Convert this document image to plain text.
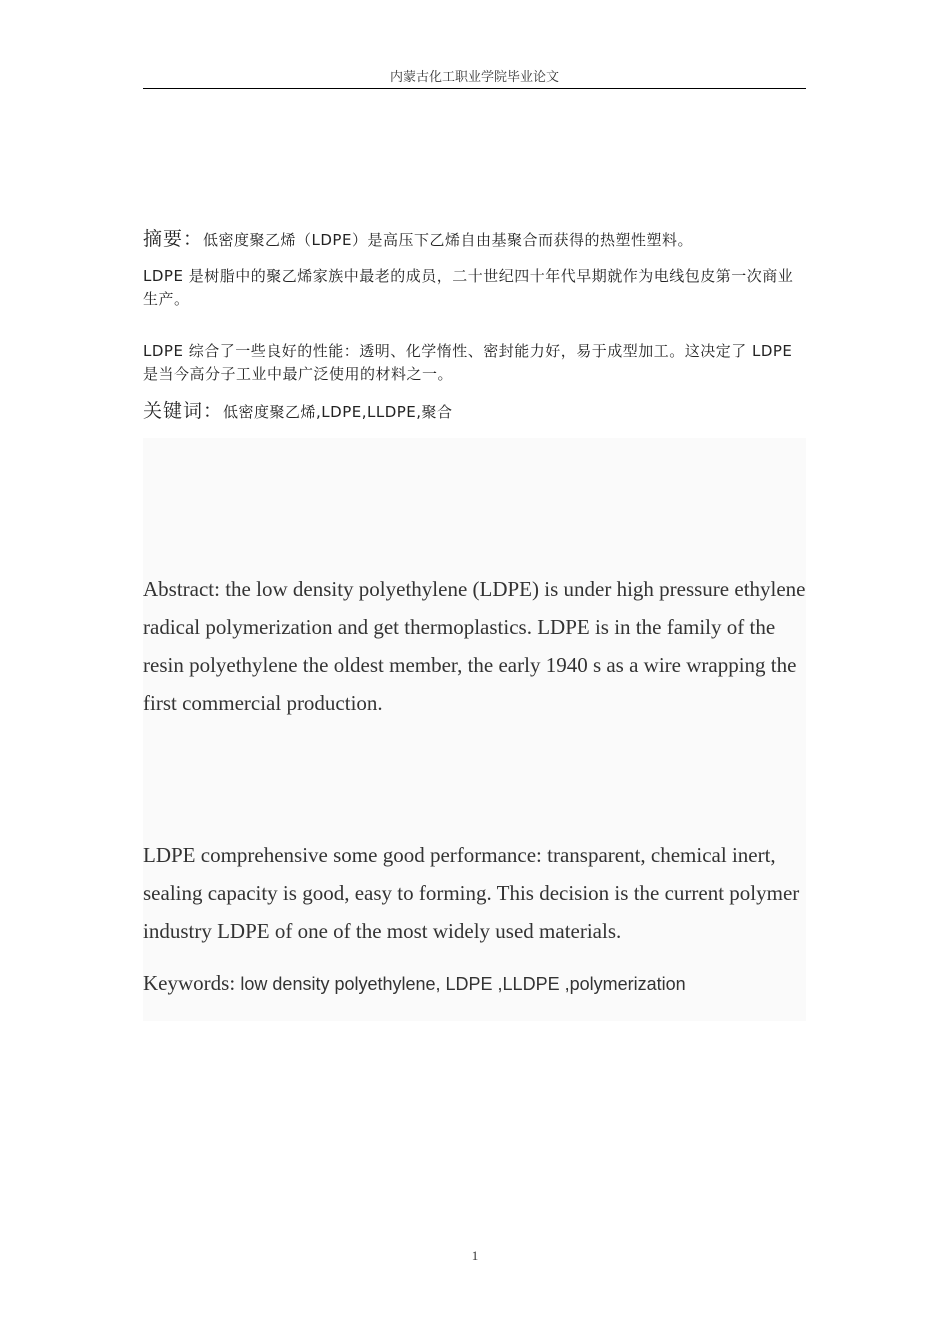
内蒙古化工职业学院毕业论文
摘要：低密度聚乙烯（LDPE）是高压下乙烯自由基聚合而获得的热塑性塑料。
LDPE 是树脂中的聚乙烯家族中最老的成员，二十世纪四十年代早期就作为电线包皮第一次商业生产。
LDPE 综合了一些良好的性能：透明、化学惰性、密封能力好，易于成型加工。这决定了 LDPE 是当今高分子工业中最广泛使用的材料之一。
关键词：低密度聚乙烯,LDPE,LLDPE,聚合
Abstract: the low density polyethylene (LDPE) is under high pressure ethylene radical polymerization and get thermoplastics. LDPE is in the family of the resin polyethylene the oldest member, the early 1940 s as a wire wrapping the first commercial production.
LDPE comprehensive some good performance: transparent, chemical inert, sealing capacity is good, easy to forming. This decision is the current polymer industry LDPE of one of the most widely used materials.
Keywords: low density polyethylene, LDPE ,LLDPE ,polymerization
1
